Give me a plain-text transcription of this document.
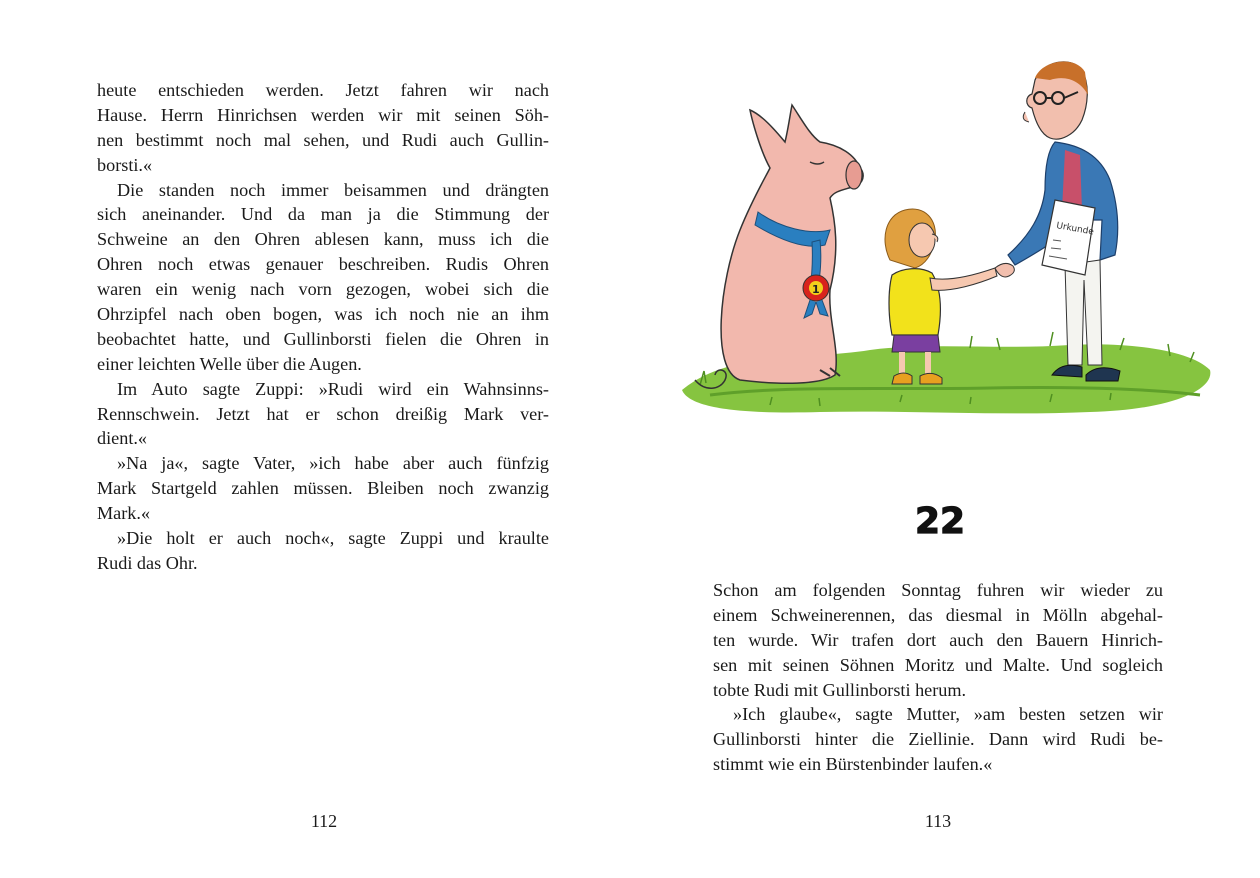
heute entschieden werden. Jetzt fahren wir nach
Hause. Herrn Hinrichsen werden wir mit seinen Söh-
nen bestimmt noch mal sehen, und Rudi auch Gullin-
borsti.«
Die standen noch immer beisammen und drängten
sich aneinander. Und da man ja die Stimmung der
Schweine an den Ohren ablesen kann, muss ich die
Ohren noch etwas genauer beschreiben. Rudis Ohren
waren ein wenig nach vorn gezogen, wobei sich die
Ohrzipfel nach oben bogen, was ich noch nie an ihm
beobachtet hatte, und Gullinborsti fielen die Ohren in
einer leichten Welle über die Augen.
Im Auto sagte Zuppi: »Rudi wird ein Wahnsinns-
Rennschwein. Jetzt hat er schon dreißig Mark ver-
dient.«
»Na ja«, sagte Vater, »ich habe aber auch fünfzig
Mark Startgeld zahlen müssen. Bleiben noch zwanzig
Mark.«
»Die holt er auch noch«, sagte Zuppi und kraulte
Rudi das Ohr.
112
1
Urkunde
22
Schon am folgenden Sonntag fuhren wir wieder zu
einem Schweinerennen, das diesmal in Mölln abgehal-
ten wurde. Wir trafen dort auch den Bauern Hinrich-
sen mit seinen Söhnen Moritz und Malte. Und sogleich
tobte Rudi mit Gullinborsti herum.
»Ich glaube«, sagte Mutter, »am besten setzen wir
Gullinborsti hinter die Ziellinie. Dann wird Rudi be-
stimmt wie ein Bürstenbinder laufen.«
113
